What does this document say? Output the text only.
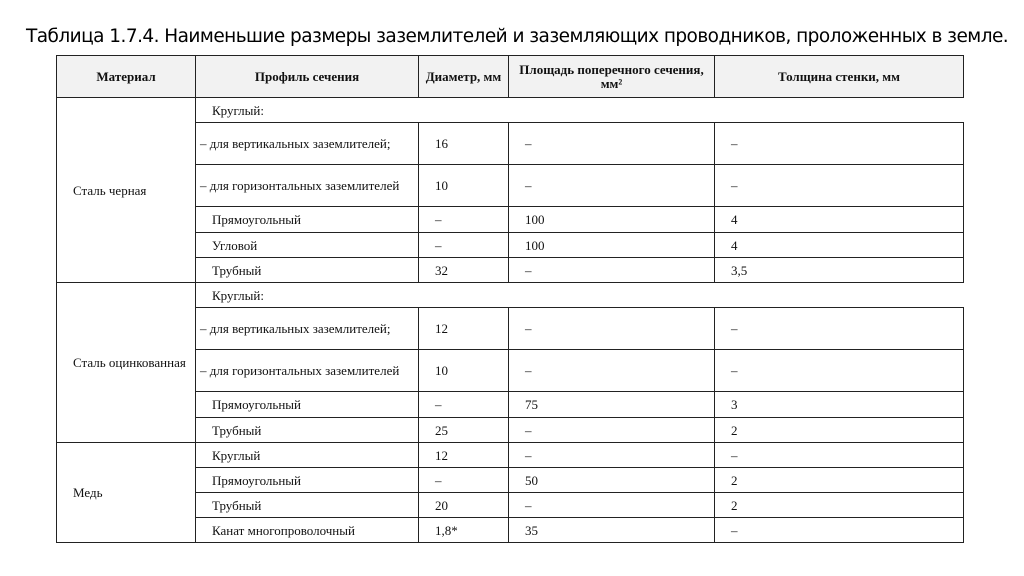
Таблица 1.7.4. Наименьшие размеры заземлителей и заземляющих проводников, проложенных в земле.
Материал	Профиль сечения	Диаметр, мм	Площадь поперечного сечения, мм²	Толщина стенки, мм
Сталь черная	Круглый:			
	– для вертикальных заземлителей;	16	–	–
	– для горизонтальных заземлителей	10	–	–
	Прямоугольный	–	100	4
	Угловой	–	100	4
	Трубный	32	–	3,5
Сталь оцинкованная	Круглый:			
	– для вертикальных заземлителей;	12	–	–
	– для горизонтальных заземлителей	10	–	–
	Прямоугольный	–	75	3
	Трубный	25	–	2
Медь	Круглый	12	–	–
	Прямоугольный	–	50	2
	Трубный	20	–	2
	Канат многопроволочный	1,8*	35	–
